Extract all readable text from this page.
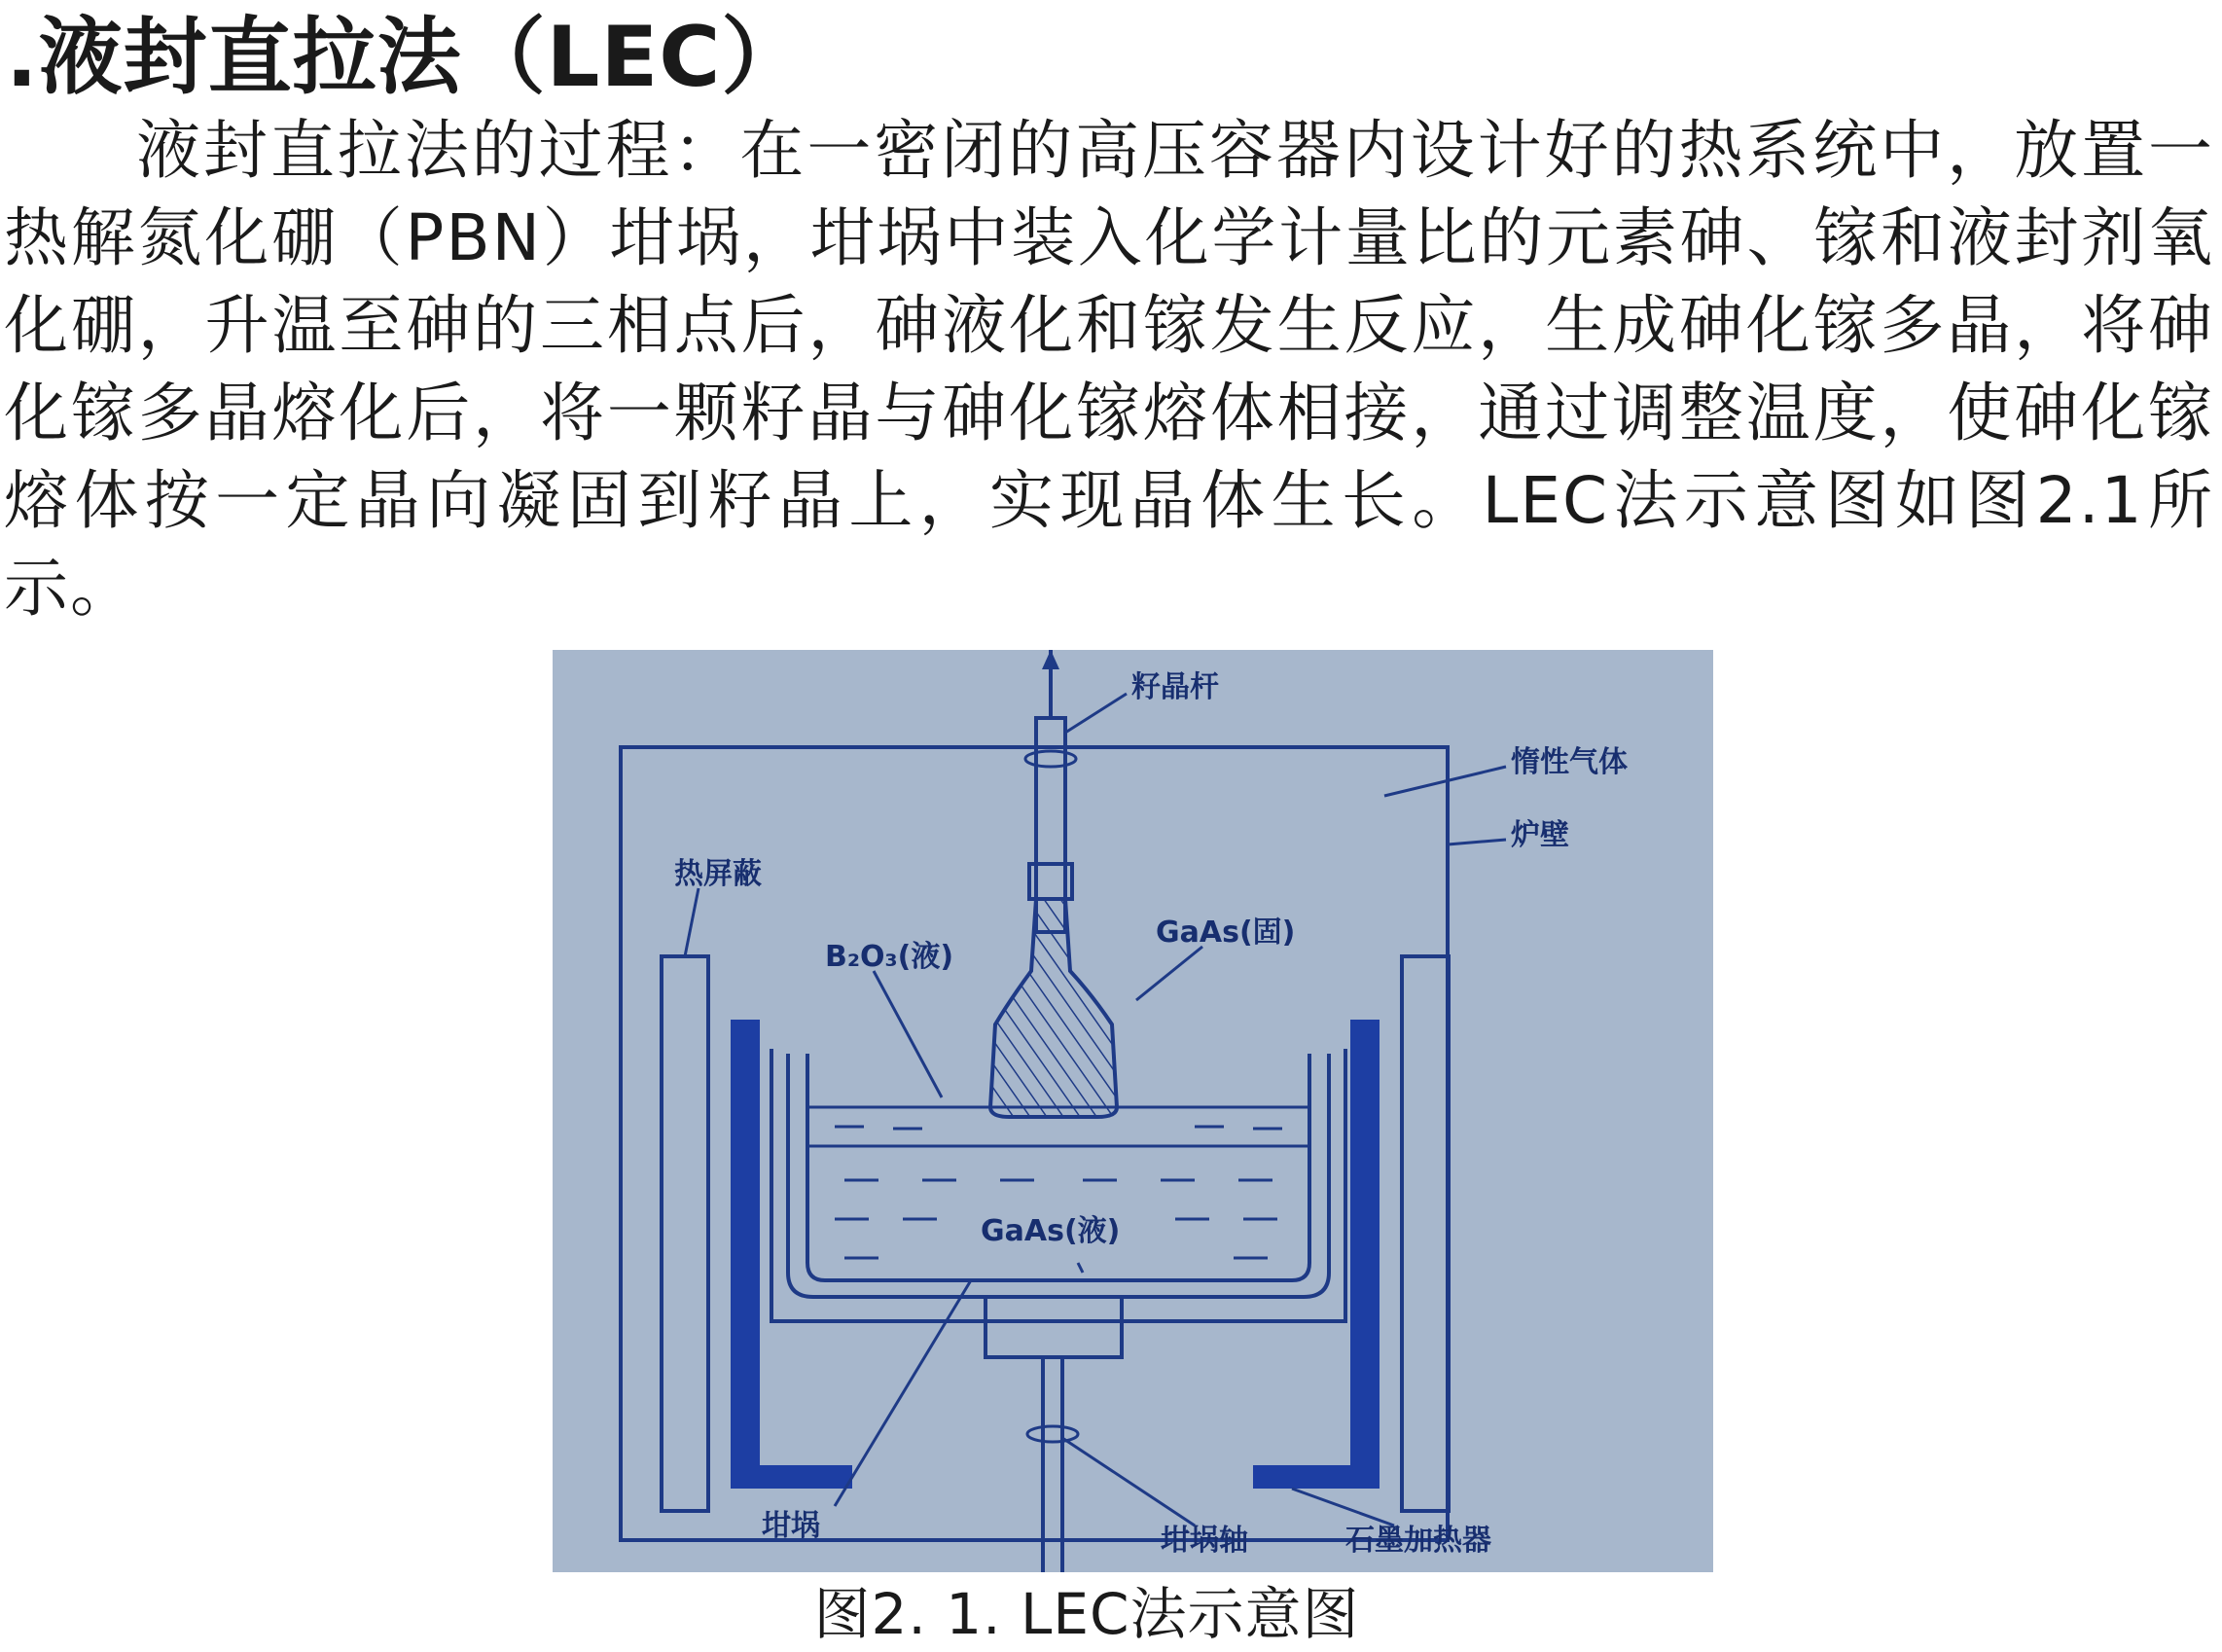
.液封直拉法（LEC）

液封直拉法的过程：在一密闭的高压容器内设计好的热系统中，放置一热解氮化硼（PBN）坩埚，坩埚中装入化学计量比的元素砷、镓和液封剂氧化硼，升温至砷的三相点后，砷液化和镓发生反应，生成砷化镓多晶，将砷化镓多晶熔化后，将一颗籽晶与砷化镓熔体相接，通过调整温度，使砷化镓熔体按一定晶向凝固到籽晶上，实现晶体生长。LEC法示意图如图2.1所示。

籽晶杆
惰性气体
炉壁
热屏蔽
B₂O₃(液)
GaAs(固)
GaAs(液)
坩埚	坩埚轴	石墨加热器
图2. 1. LEC法示意图
